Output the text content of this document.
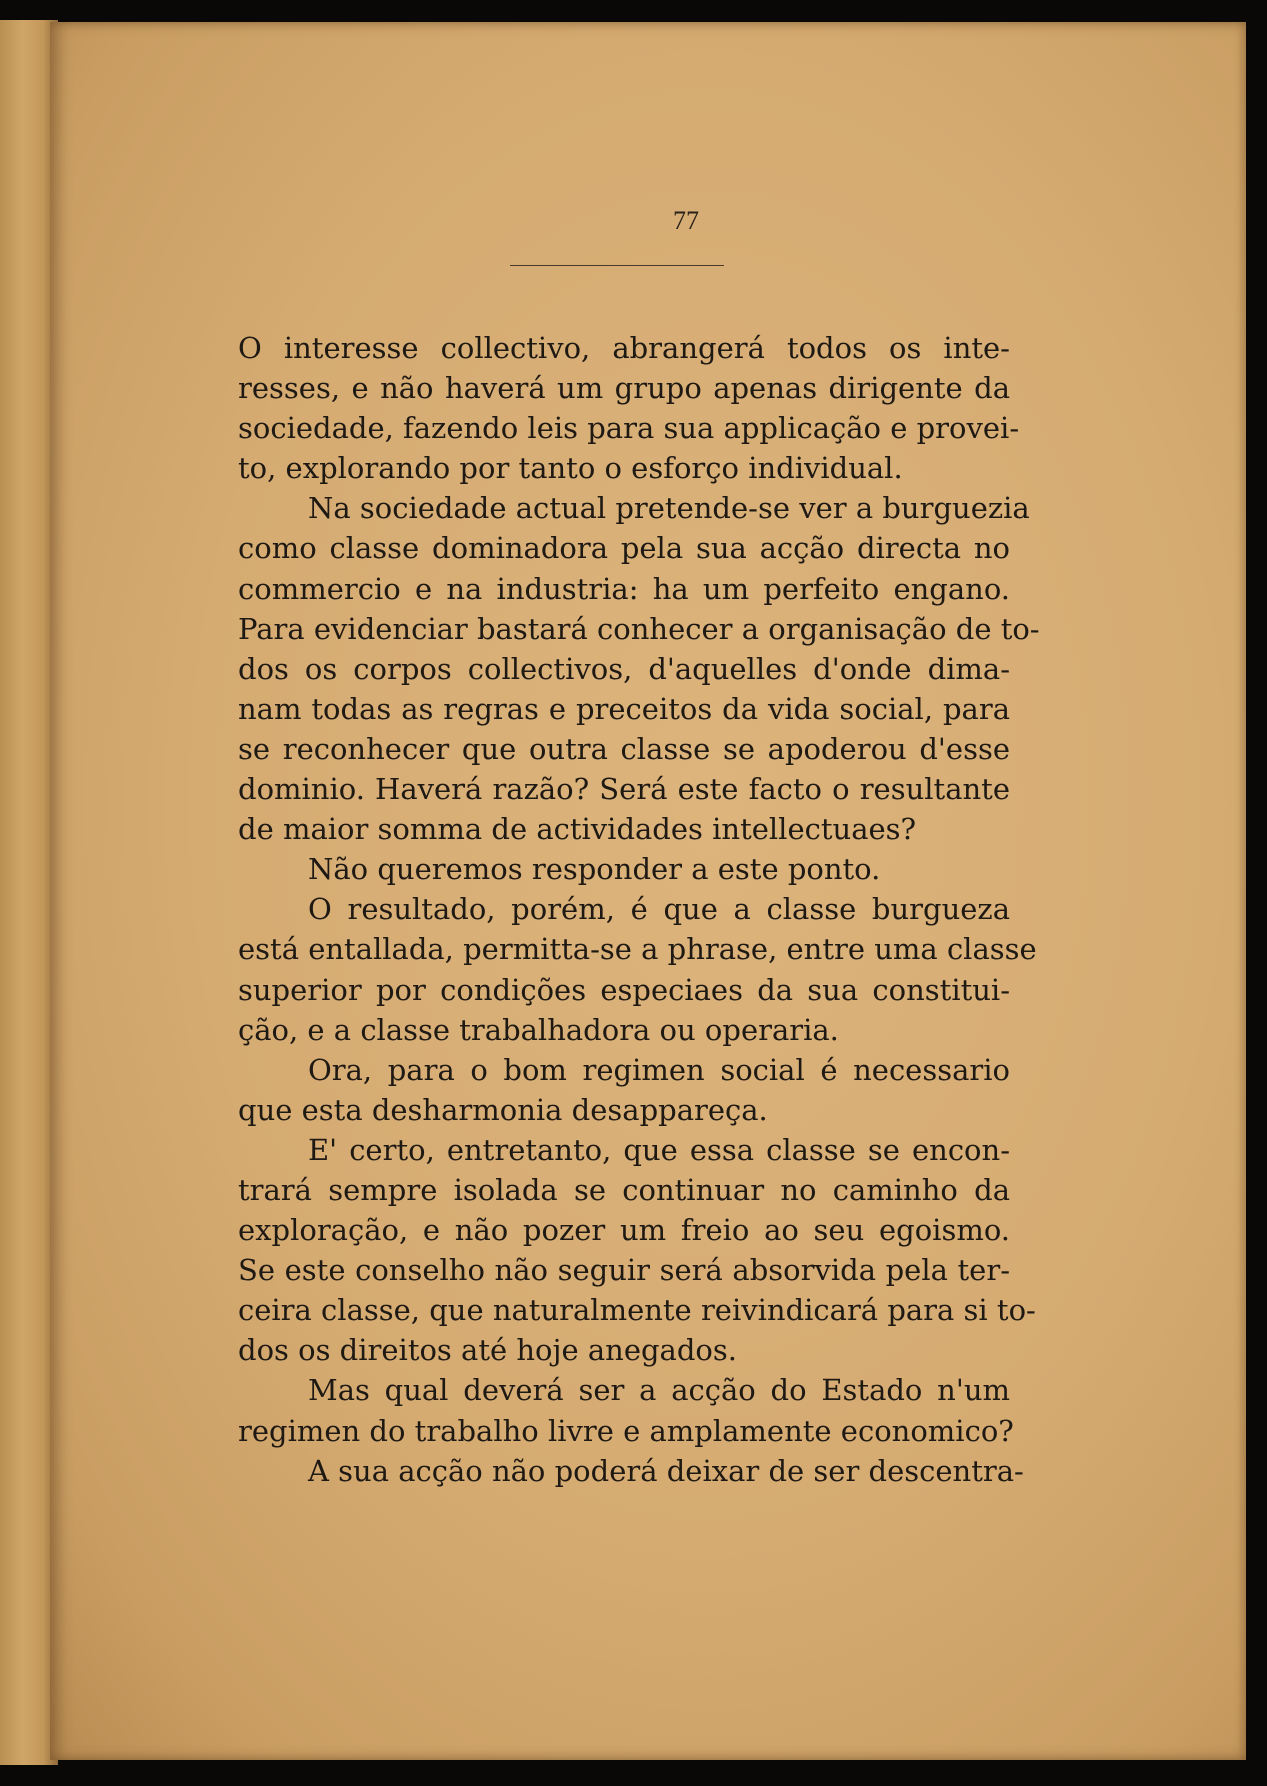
77
O interesse collectivo, abrangerá todos os inte-
resses, e não haverá um grupo apenas dirigente da
sociedade, fazendo leis para sua applicação e provei-
to, explorando por tanto o esforço individual.
Na sociedade actual pretende-se ver a burguezia
como classe dominadora pela sua acção directa no
commercio e na industria: ha um perfeito engano.
Para evidenciar bastará conhecer a organisação de to-
dos os corpos collectivos, d'aquelles d'onde dima-
nam todas as regras e preceitos da vida social, para
se reconhecer que outra classe se apoderou d'esse
dominio. Haverá razão? Será este facto o resultante
de maior somma de actividades intellectuaes?
Não queremos responder a este ponto.
O resultado, porém, é que a classe burgueza
está entallada, permitta-se a phrase, entre uma classe
superior por condições especiaes da sua constitui-
ção, e a classe trabalhadora ou operaria.
Ora, para o bom regimen social é necessario
que esta desharmonia desappareça.
E' certo, entretanto, que essa classe se encon-
trará sempre isolada se continuar no caminho da
exploração, e não pozer um freio ao seu egoismo.
Se este conselho não seguir será absorvida pela ter-
ceira classe, que naturalmente reivindicará para si to-
dos os direitos até hoje anegados.
Mas qual deverá ser a acção do Estado n'um
regimen do trabalho livre e amplamente economico?
A sua acção não poderá deixar de ser descentra-
